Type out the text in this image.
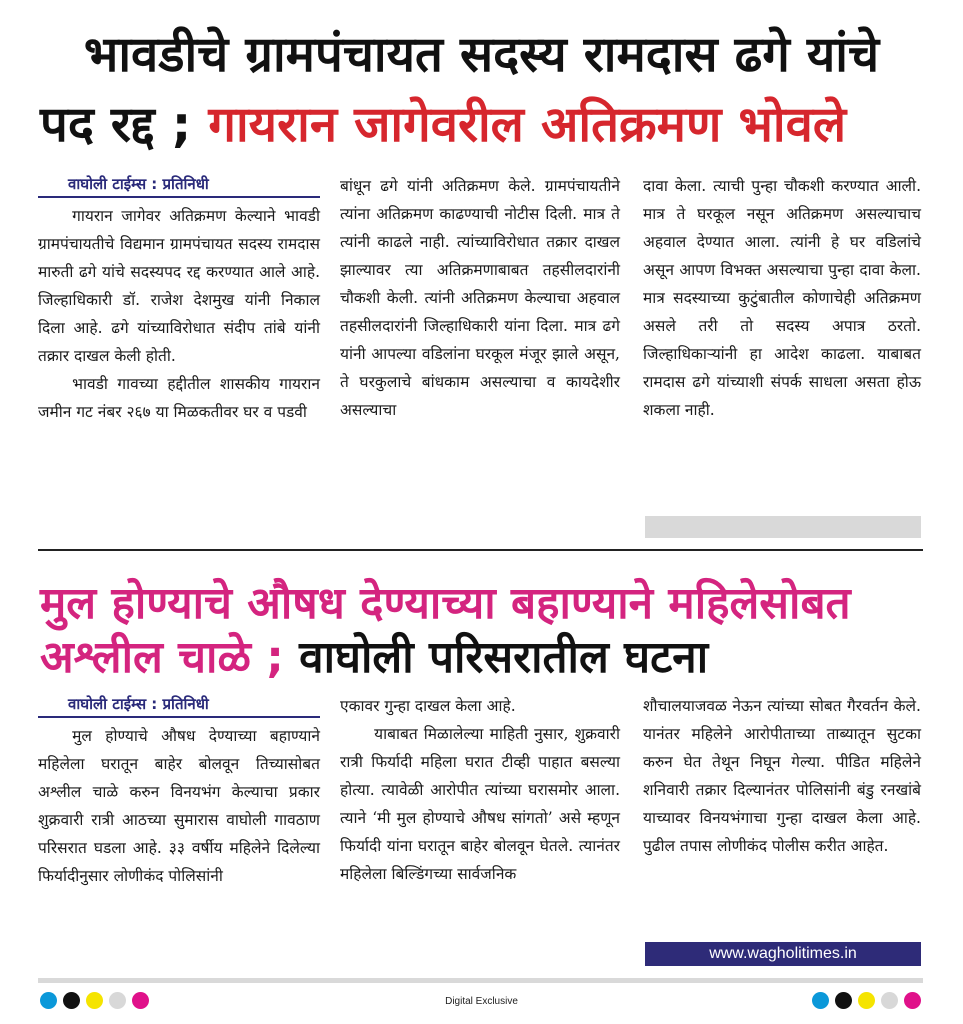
भावडीचे ग्रामपंचायत सदस्य रामदास ढगे यांचे
पद रद्द ; गायरान जागेवरील अतिक्रमण भोवले
वाघोली टाईम्स : प्रतिनिधी

गायरान जागेवर अतिक्रमण केल्याने भावडी ग्रामपंचायतीचे विद्यमान ग्रामपंचायत सदस्य रामदास मारुती ढगे यांचे सदस्यपद रद्द करण्यात आले आहे. जिल्हाधिकारी डॉ. राजेश देशमुख यांनी निकाल दिला आहे. ढगे यांच्याविरोधात संदीप तांबे यांनी तक्रार दाखल केली होती.

भावडी गावच्या हद्दीतील शासकीय गायरान जमीन गट नंबर २६७ या मिळकतीवर घर व पडवी

बांधून ढगे यांनी अतिक्रमण केले. ग्रामपंचायतीने त्यांना अतिक्रमण काढण्याची नोटीस दिली. मात्र ते त्यांनी काढले नाही. त्यांच्याविरोधात तक्रार दाखल झाल्यावर त्या अतिक्रमणाबाबत तहसीलदारांनी चौकशी केली. त्यांनी अतिक्रमण केल्याचा अहवाल तहसीलदारांनी जिल्हाधिकारी यांना दिला. मात्र ढगे यांनी आपल्या वडिलांना घरकूल मंजूर झाले असून, ते घरकुलाचे बांधकाम असल्याचा व कायदेशीर असल्याचा

दावा केला. त्याची पुन्हा चौकशी करण्यात आली. मात्र ते घरकूल नसून अतिक्रमण असल्याचाच अहवाल देण्यात आला. त्यांनी हे घर वडिलांचे असून आपण विभक्त असल्याचा पुन्हा दावा केला. मात्र सदस्याच्या कुटुंबातील कोणाचेही अतिक्रमण असले तरी तो सदस्य अपात्र ठरतो. जिल्हाधिकाऱ्यांनी हा आदेश काढला. याबाबत रामदास ढगे यांच्याशी संपर्क साधला असता होऊ शकला नाही.

मुल होण्याचे औषध देण्याच्या बहाण्याने महिलेसोबत
अश्लील चाळे ; वाघोली परिसरातील घटना
वाघोली टाईम्स : प्रतिनिधी

मुल होण्याचे औषध देण्याच्या बहाण्याने महिलेला घरातून बाहेर बोलवून तिच्यासोबत अश्लील चाळे करुन विनयभंग केल्याचा प्रकार शुक्रवारी रात्री आठच्या सुमारास वाघोली गावठाण परिसरात घडला आहे. ३३ वर्षीय महिलेने दिलेल्या फिर्यादीनुसार लोणीकंद पोलिसांनी

एकावर गुन्हा दाखल केला आहे.

याबाबत मिळालेल्या माहिती नुसार, शुक्रवारी रात्री फिर्यादी महिला घरात टीव्ही पाहात बसल्या होत्या. त्यावेळी आरोपीत त्यांच्या घरासमोर आला. त्याने ‘मी मुल होण्याचे औषध सांगतो’ असे म्हणून फिर्यादी यांना घरातून बाहेर बोलवून घेतले. त्यानंतर महिलेला बिल्डिंगच्या सार्वजनिक

शौचालयाजवळ नेऊन त्यांच्या सोबत गैरवर्तन केले. यानंतर महिलेने आरोपीताच्या ताब्यातून सुटका करुन घेत तेथून निघून गेल्या. पीडित महिलेने शनिवारी तक्रार दिल्यानंतर पोलिसांनी बंडु रनखांबे याच्यावर विनयभंगाचा गुन्हा दाखल केला आहे. पुढील तपास लोणीकंद पोलीस करीत आहेत.

www.wagholitimes.in
Digital Exclusive
